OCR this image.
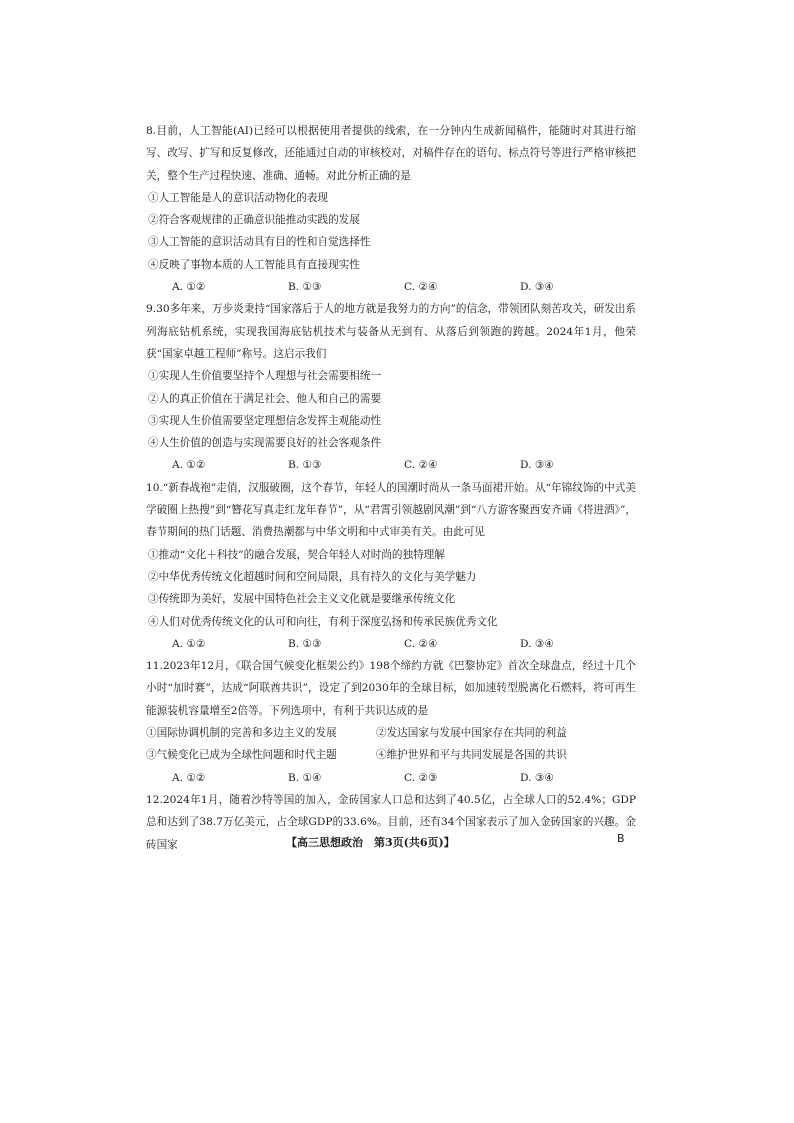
8.目前，人工智能(AI)已经可以根据使用者提供的线索，在一分钟内生成新闻稿件，能随时对其进行缩写、改写、扩写和反复修改，还能通过自动的审核校对，对稿件存在的语句、标点符号等进行严格审核把关，整个生产过程快速、准确、通畅。对此分析正确的是
①人工智能是人的意识活动物化的表现
②符合客观规律的正确意识能推动实践的发展
③人工智能的意识活动具有目的性和自觉选择性
④反映了事物本质的人工智能具有直接现实性
A. ①②	B. ①③	C. ②④	D. ③④
9.30多年来，万步炎秉持“国家落后于人的地方就是我努力的方向”的信念，带领团队刻苦攻关，研发出系列海底钻机系统，实现我国海底钻机技术与装备从无到有、从落后到领跑的跨越。2024年1月，他荣获“国家卓越工程师”称号。这启示我们
①实现人生价值要坚持个人理想与社会需要相统一
②人的真正价值在于满足社会、他人和自己的需要
③实现人生价值需要坚定理想信念发挥主观能动性
④人生价值的创造与实现需要良好的社会客观条件
A. ①②	B. ①③	C. ②④	D. ③④
10.“新春战袍”走俏，汉服破圈，这个春节，年轻人的国潮时尚从一条马面裙开始。从“年锦纹饰的中式美学破圈上热搜”到“簪花写真走红龙年春节”，从“君霄引领越剧风潮”到“八方游客聚西安齐诵《将进酒》”，春节期间的热门话题、消费热潮都与中华文明和中式审美有关。由此可见
①推动“文化＋科技”的融合发展，契合年轻人对时尚的独特理解
②中华优秀传统文化超越时间和空间局限，具有持久的文化与美学魅力
③传统即为美好，发展中国特色社会主义文化就是要继承传统文化
④人们对优秀传统文化的认可和向往，有利于深度弘扬和传承民族优秀文化
A. ①②	B. ①③	C. ②④	D. ③④
11.2023年12月，《联合国气候变化框架公约》198个缔约方就《巴黎协定》首次全球盘点，经过十几个小时“加时赛”，达成“阿联酋共识”，设定了到2030年的全球目标，如加速转型脱离化石燃料，将可再生能源装机容量增至2倍等。下列选项中，有利于共识达成的是
①国际协调机制的完善和多边主义的发展	②发达国家与发展中国家存在共同的利益
③气候变化已成为全球性问题和时代主题	④维护世界和平与共同发展是各国的共识
A. ①②	B. ①④	C. ②③	D. ③④
12.2024年1月，随着沙特等国的加入，金砖国家人口总和达到了40.5亿，占全球人口的52.4%；GDP总和达到了38.7万亿美元，占全球GDP的33.6%。目前，还有34个国家表示了加入金砖国家的兴趣。金砖国家	【高三思想政治　第3页(共6页)】	B
